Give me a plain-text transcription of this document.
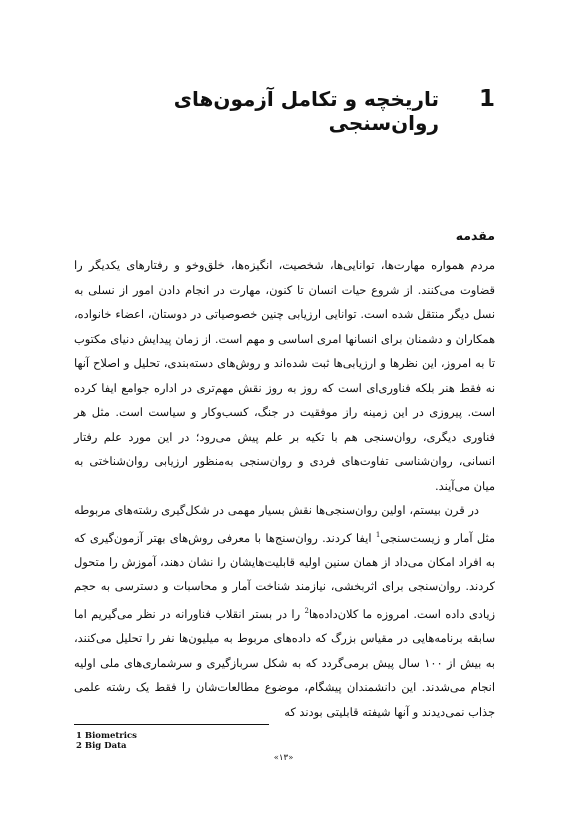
1
تاریخچه و تکامل آزمون‌های روان‌سنجی
مقدمه

مردم همواره مهارت‌ها، توانایی‌ها، شخصیت، انگیزه‌ها، خلق‌وخو و رفتارهای یکدیگر را قضاوت می‌کنند. از شروع حیات انسان تا کنون، مهارت در انجام دادن امور از نسلی به نسل دیگر منتقل شده است. توانایی ارزیابی چنین خصوصیاتی در دوستان، اعضاء خانواده، همکاران و دشمنان برای انسانها امری اساسی و مهم است. از زمان پیدایش دنیای مکتوب تا به امروز، این نظرها و ارزیابی‌ها ثبت شده‌اند و روش‌های دسته‌بندی، تحلیل و اصلاح آنها نه فقط هنر بلکه فناوری‌ای است که روز به روز نقش مهم‌تری در اداره جوامع ایفا کرده است. پیروزی در این زمینه راز موفقیت در جنگ، کسب‌وکار و سیاست است. مثل هر فناوری دیگری، روان‌سنجی هم با تکیه بر علم پیش می‌رود؛ در این مورد علم رفتار انسانی، روان‌شناسی تفاوت‌های فردی و روان‌سنجی به‌منظور ارزیابی روان‌شناختی به میان می‌آیند.

در قرن بیستم، اولین روان‌سنجی‌ها نقش بسیار مهمی در شکل‌گیری رشته‌های مربوطه مثل آمار و زیست‌سنجی$^1$ ایفا کردند. روان‌سنج‌ها با معرفی روش‌های بهتر آزمون‌گیری که به افراد امکان می‌داد از همان سنین اولیه قابلیت‌هایشان را نشان دهند، آموزش را متحول کردند. روان‌سنجی برای اثربخشی، نیازمند شناخت آمار و محاسبات و دسترسی به حجم زیادی داده است. امروزه ما کلان‌داده‌ها$^2$ را در بستر انقلاب فناورانه در نظر می‌گیریم اما سابقه برنامه‌هایی در مقیاس بزرگ که داده‌های مربوط به میلیون‌ها نفر را تحلیل می‌کنند، به بیش از ۱۰۰ سال پیش برمی‌گردد که به شکل سربازگیری و سرشماری‌های ملی اولیه انجام می‌شدند. این دانشمندان پیشگام، موضوع مطالعات‌شان را فقط یک رشته علمی جذاب نمی‌دیدند و آنها شیفته قابلیتی بودند که

1 Biometrics
2 Big Data
«۱۳»
